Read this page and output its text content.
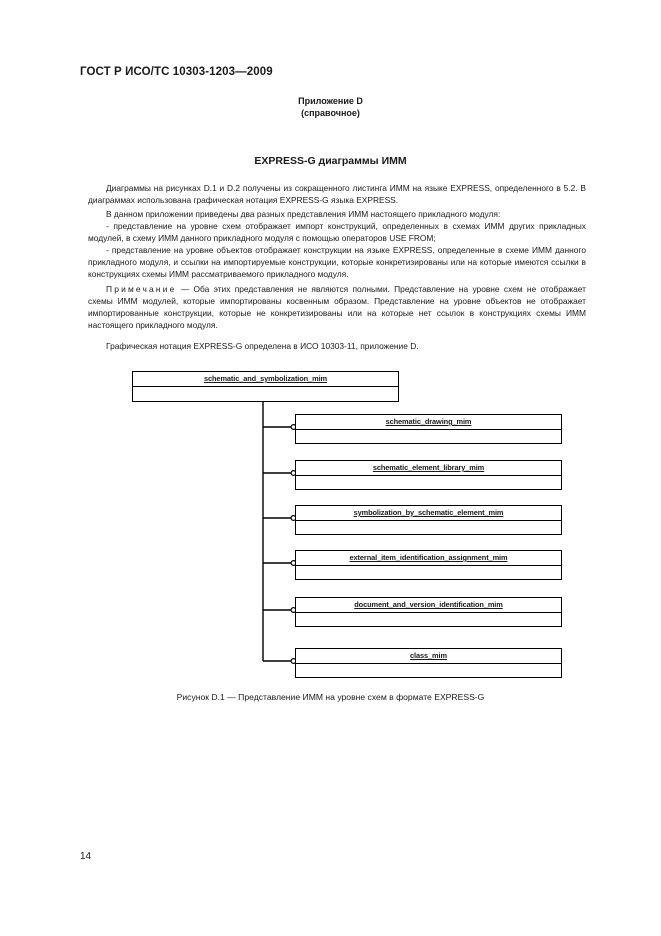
ГОСТ Р ИСО/ТС 10303-1203—2009
Приложение D
(справочное)
EXPRESS-G диаграммы ИММ
Диаграммы на рисунках D.1 и D.2 получены из сокращенного листинга ИММ на языке EXPRESS, определенного в 5.2. В диаграммах использована графическая нотация EXPRESS-G языка EXPRESS.
В данном приложении приведены два разных представления ИММ настоящего прикладного модуля:
- представление на уровне схем отображает импорт конструкций, определенных в схемах ИММ других прикладных модулей, в схему ИММ данного прикладного модуля с помощью операторов USE FROM;
- представление на уровне объектов отображает конструкции на языке EXPRESS, определенные в схеме ИММ данного прикладного модуля, и ссылки на импортируемые конструкции, которые конкретизированы или на которые имеются ссылки в конструкциях схемы ИММ рассматриваемого прикладного модуля.
Примечание — Оба этих представления не являются полными. Представление на уровне схем не отображает схемы ИММ модулей, которые импортированы косвенным образом. Представление на уровне объектов не отображает импортированные конструкции, которые не конкретизированы или на которые нет ссылок в конструкциях схемы ИММ настоящего прикладного модуля.
Графическая нотация EXPRESS-G определена в ИСО 10303-11, приложение D.
schematic_and_symbolization_mim
schematic_drawing_mim
schematic_element_library_mim
symbolization_by_schematic_element_mim
external_item_identification_assignment_mim
document_and_version_identification_mim
class_mim
Рисунок D.1 — Представление ИММ на уровне схем в формате EXPRESS-G
14
